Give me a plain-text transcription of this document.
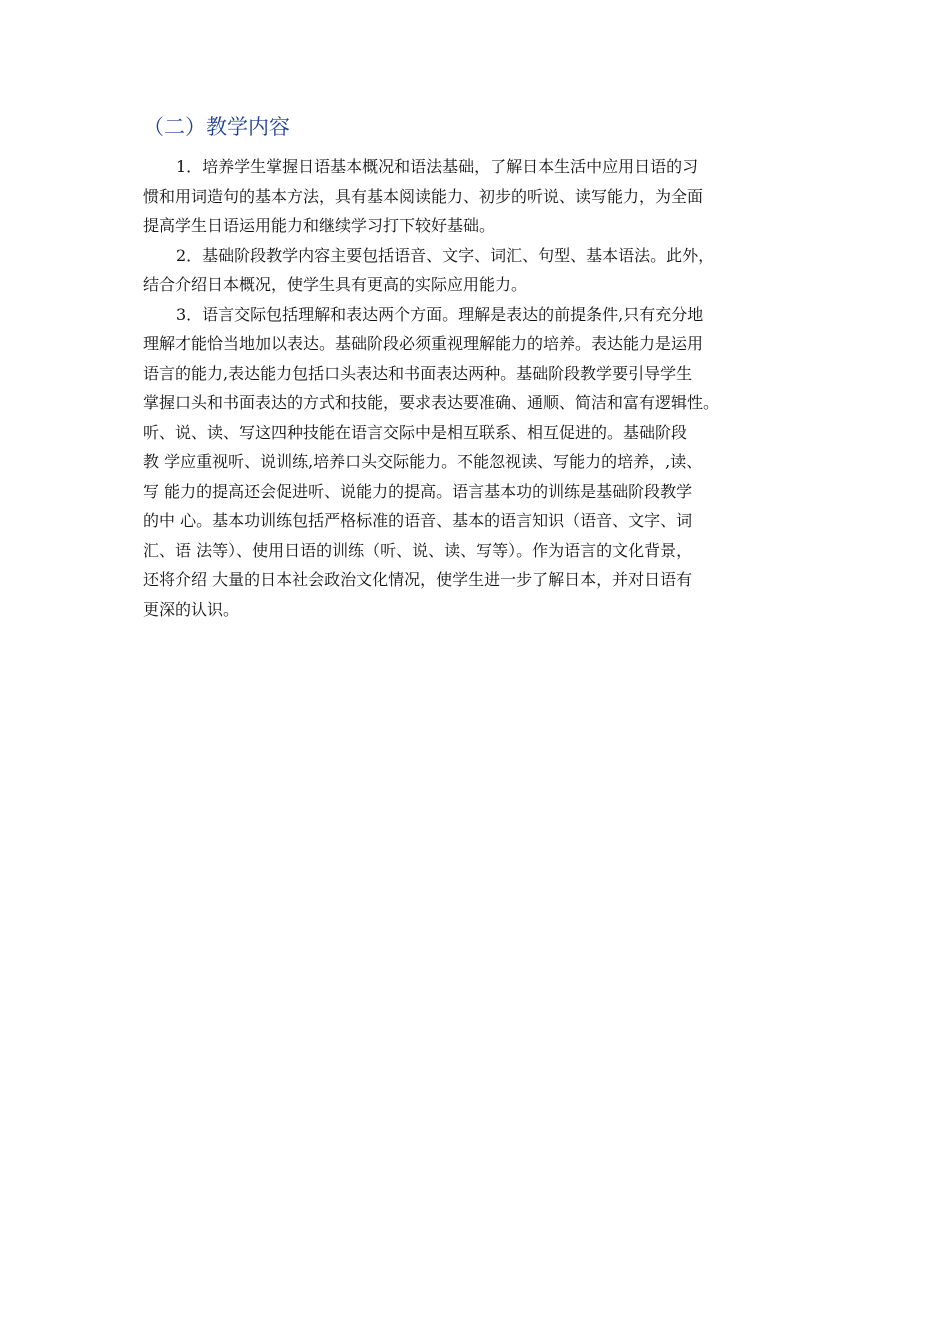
（二）教学内容

1．培养学生掌握日语基本概况和语法基础，了解日本生活中应用日语的习
惯和用词造句的基本方法，具有基本阅读能力、初步的听说、读写能力，为全面
提高学生日语运用能力和继续学习打下较好基础。

2．基础阶段教学内容主要包括语音、文字、词汇、句型、基本语法。此外，
结合介绍日本概况，使学生具有更高的实际应用能力。

3．语言交际包括理解和表达两个方面。理解是表达的前提条件,只有充分地
理解才能恰当地加以表达。基础阶段必须重视理解能力的培养。表达能力是运用
语言的能力,表达能力包括口头表达和书面表达两种。基础阶段教学要引导学生
掌握口头和书面表达的方式和技能，要求表达要准确、通顺、简洁和富有逻辑性。
听、说、读、写这四种技能在语言交际中是相互联系、相互促进的。基础阶段
教 学应重视听、说训练,培养口头交际能力。不能忽视读、写能力的培养，,读、
写 能力的提高还会促进听、说能力的提高。语言基本功的训练是基础阶段教学
的中 心。基本功训练包括严格标准的语音、基本的语言知识（语音、文字、词
汇、语 法等）、使用日语的训练（听、说、读、写等）。作为语言的文化背景，
还将介绍 大量的日本社会政治文化情况，使学生进一步了解日本，并对日语有
更深的认识。
